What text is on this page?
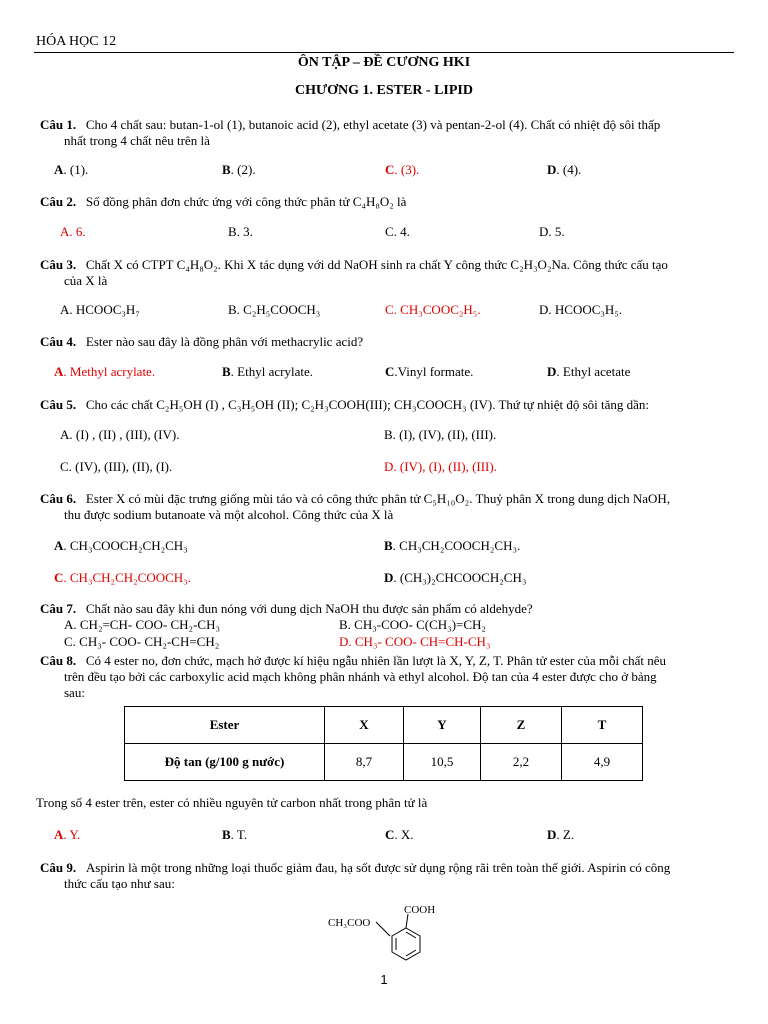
HÓA HỌC 12
ÔN TẬP – ĐỀ CƯƠNG HKI
CHƯƠNG 1. ESTER - LIPID
Câu 1. Cho 4 chất sau: butan-1-ol (1), butanoic acid (2), ethyl acetate (3) và pentan-2-ol (4). Chất có nhiệt độ sôi thấp
nhất trong 4 chất nêu trên là
A. (1).	B. (2).	C. (3).	D. (4).
Câu 2. Số đồng phân đơn chức ứng với công thức phân tử C₄H₈O₂ là
A. 6.	B. 3.	C. 4.	D. 5.
Câu 3. Chất X có CTPT C₄H₈O₂. Khi X tác dụng với dd NaOH sinh ra chất Y công thức C₂H₃O₂Na. Công thức cấu tạo
của X là
A. HCOOC₃H₇	B. C₂H₅COOCH₃	C. CH₃COOC₂H₅.	D. HCOOC₃H₅.
Câu 4. Ester nào sau đây là đồng phân với methacrylic acid?
A. Methyl acrylate.	B. Ethyl acrylate.	C.Vinyl formate.	D. Ethyl acetate
Câu 5. Cho các chất C₂H₅OH (I) , C₃H₅OH (II); C₂H₃COOH(III); CH₃COOCH₃ (IV). Thứ tự nhiệt độ sôi tăng dần:
A. (I) , (II) , (III), (IV).	B. (I), (IV), (II), (III).
C. (IV), (III), (II), (I).	D. (IV), (I), (II), (III).
Câu 6. Ester X có mùi đặc trưng giống mùi táo và có công thức phân tử C₅H₁₀O₂. Thuỷ phân X trong dung dịch NaOH,
thu được sodium butanoate và một alcohol. Công thức của X là
A. CH₃COOCH₂CH₂CH₃	B. CH₃CH₂COOCH₂CH₃.
C. CH₃CH₂CH₂COOCH₃.	D. (CH₃)₂CHCOOCH₂CH₃
Câu 7. Chất nào sau đây khi đun nóng với dung dịch NaOH thu được sản phẩm có aldehyde?
A. CH₂=CH- COO- CH₂-CH₃	B. CH₃-COO- C(CH₃)=CH₂
C. CH₃- COO- CH₂-CH=CH₂	D. CH₃- COO- CH=CH-CH₃
Câu 8. Có 4 ester no, đơn chức, mạch hở được kí hiệu ngẫu nhiên lần lượt là X, Y, Z, T. Phân tử ester của mỗi chất nêu
trên đều tạo bởi các carboxylic acid mạch không phân nhánh và ethyl alcohol. Độ tan của 4 ester được cho ở bảng
sau:
Ester	X	Y	Z	T
Độ tan (g/100 g nước)	8,7	10,5	2,2	4,9
Trong số 4 ester trên, ester có nhiều nguyên tử carbon nhất trong phân tử là
A. Y.	B. T.	C. X.	D. Z.
Câu 9. Aspirin là một trong những loại thuốc giảm đau, hạ sốt được sử dụng rộng rãi trên toàn thế giới. Aspirin có công
thức cấu tạo như sau:
COOH
CH₃COO
1
